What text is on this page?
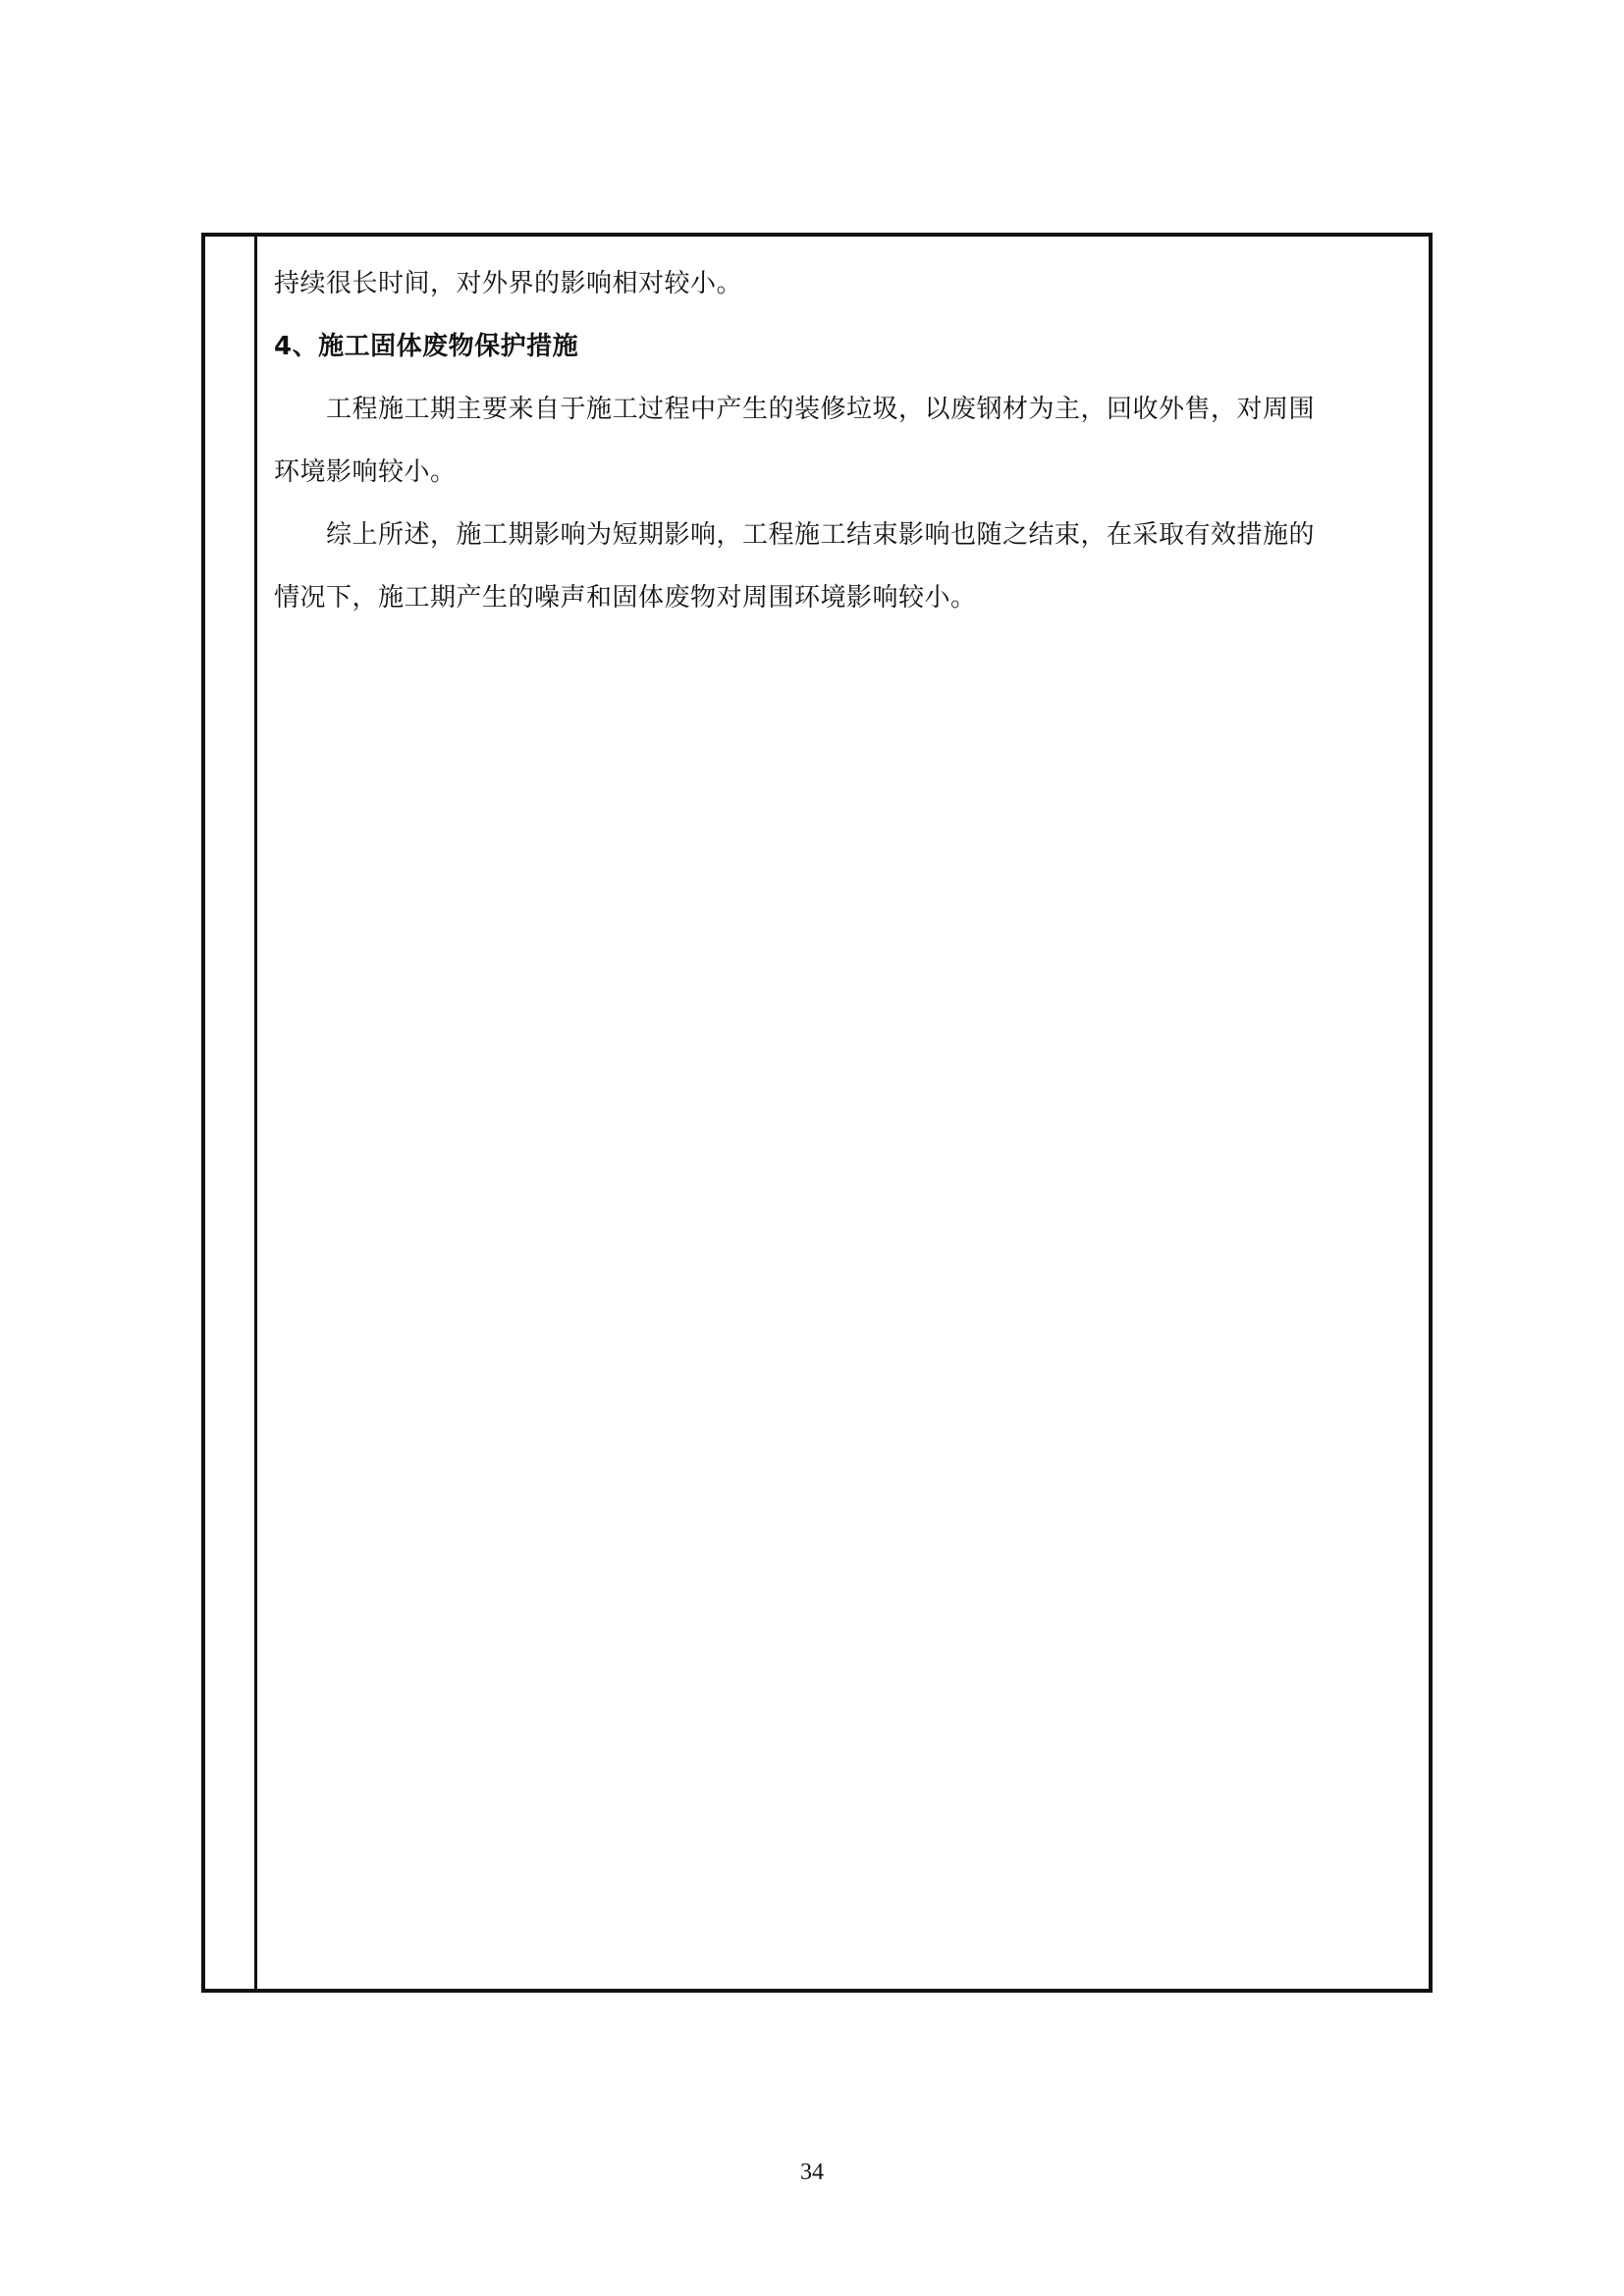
持续很长时间，对外界的影响相对较小。
4、施工固体废物保护措施
工程施工期主要来自于施工过程中产生的装修垃圾，以废钢材为主，回收外售，对周围
环境影响较小。
综上所述，施工期影响为短期影响，工程施工结束影响也随之结束，在采取有效措施的
情况下，施工期产生的噪声和固体废物对周围环境影响较小。
34
